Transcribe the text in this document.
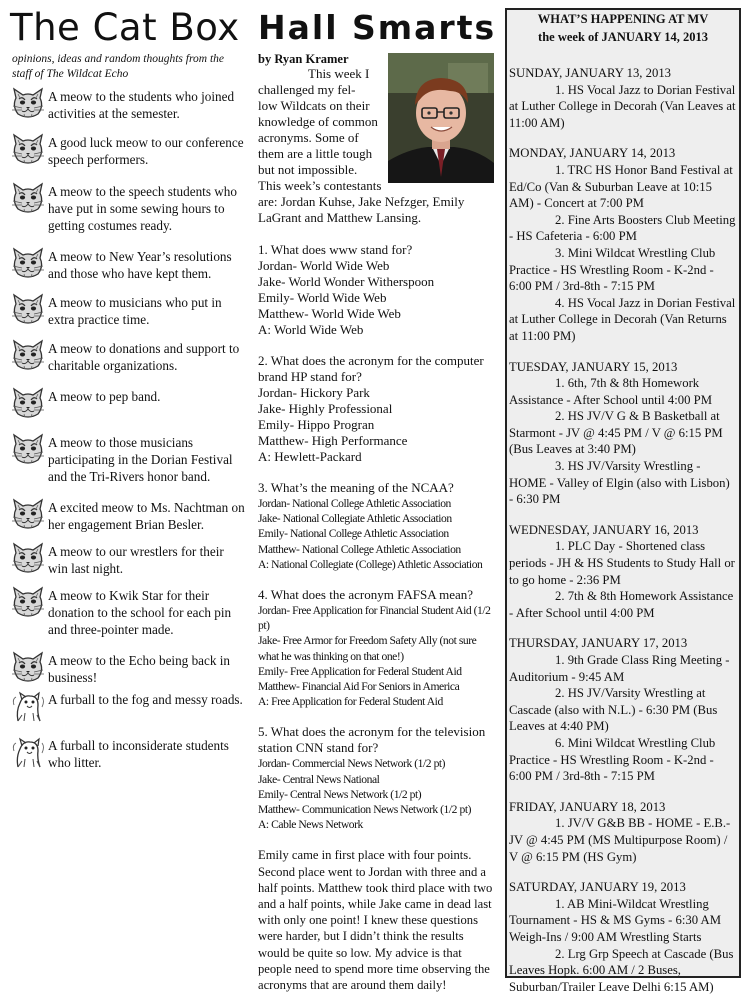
The Cat Box
opinions, ideas and random thoughts from the staff of The Wildcat Echo
A meow to the students who joined activities at the semester.
A good luck meow to our conference speech performers.
A meow to the speech students who have put in some sewing hours to getting costumes ready.
A meow to New Year’s resolutions and those who have kept them.
A meow to musicians who put in extra practice time.
A meow to donations and support to charitable organizations.
A meow to pep band.
A meow to those musicians participating in the Dorian Festival and the Tri-Rivers honor band.
A excited meow to Ms. Nachtman on her engagement Brian Besler.
A meow to our wrestlers for their win last night.
A meow to Kwik Star for their donation to the school for each pin and three-pointer made.
A meow to the Echo being back in business!
A furball to the fog and messy roads.
A furball to inconsiderate students who litter.
Hall Smarts
by Ryan Kramer
This week I
challenged my fel-
low Wildcats on their
knowledge of common
acronyms. Some of
them are a little tough
but not impossible.
This week’s contestants
are: Jordan Kuhse, Jake Nefzger, Emily LaGrant and Matthew Lansing.
1. What does www stand for?
Jordan- World Wide Web
Jake- World Wonder Witherspoon
Emily- World Wide Web
Matthew- World Wide Web
A: World Wide Web
2. What does the acronym for the computer brand HP stand for?
Jordan- Hickory Park
Jake- Highly Professional
Emily- Hippo Progran
Matthew- High Performance
A: Hewlett-Packard
3. What’s the meaning of the NCAA?
Jordan- National College Athletic Association
Jake- National Collegiate Athletic Association
Emily- National College Athletic Association
Matthew- National College Athletic Association
A: National Collegiate (College) Athletic Association
4. What does the acronym FAFSA mean?
Jordan- Free Application for Financial Student Aid (1/2 pt)
Jake- Free Armor for Freedom Safety Ally (not sure what he was thinking on that one!)
Emily- Free Application for Federal Student Aid
Matthew- Financial Aid For Seniors in America
A: Free Application for Federal Student Aid
5. What does the acronym for the television station CNN stand for?
Jordan- Commercial News Network (1/2 pt)
Jake- Central News National
Emily- Central News Network (1/2 pt)
Matthew- Communication News Network (1/2 pt)
A: Cable News Network
Emily came in first place with four points. Second place went to Jordan with three and a half points. Matthew took third place with two and a half points, while Jake came in dead last with only one point! I knew these questions were harder, but I didn’t think the results would be quite so low. My advice is that people need to spend more time observing the acronyms that are around them daily!
WHAT’S HAPPENING AT MV
the week of JANUARY 14, 2013
SUNDAY, JANUARY 13, 2013
1. HS Vocal Jazz to Dorian Festival at Luther College in Decorah (Van Leaves at 11:00 AM)
MONDAY, JANUARY 14, 2013
1. TRC HS Honor Band Festival at Ed/Co (Van & Suburban Leave at 10:15 AM) - Concert at 7:00 PM
2. Fine Arts Boosters Club Meeting - HS Cafeteria - 6:00 PM
3. Mini Wildcat Wrestling Club Practice - HS Wrestling Room - K-2nd - 6:00 PM / 3rd-8th - 7:15 PM
4. HS Vocal Jazz in Dorian Festival at Luther College in Decorah (Van Returns at 11:00 PM)
TUESDAY, JANUARY 15, 2013
1. 6th, 7th & 8th Homework Assistance - After School until 4:00 PM
2. HS JV/V G & B Basketball at Starmont - JV @ 4:45 PM / V @ 6:15 PM (Bus Leaves at 3:40 PM)
3. HS JV/Varsity Wrestling - HOME - Valley of Elgin (also with Lisbon) - 6:30 PM
WEDNESDAY, JANUARY 16, 2013
1. PLC Day - Shortened class periods - JH & HS Students to Study Hall or to go home - 2:36 PM
2. 7th & 8th Homework Assistance - After School until 4:00 PM
THURSDAY, JANUARY 17, 2013
1. 9th Grade Class Ring Meeting - Auditorium - 9:45 AM
2. HS JV/Varsity Wrestling at Cascade (also with N.L.) - 6:30 PM (Bus Leaves at 4:40 PM)
6. Mini Wildcat Wrestling Club Practice - HS Wrestling Room - K-2nd - 6:00 PM / 3rd-8th - 7:15 PM
FRIDAY, JANUARY 18, 2013
1. JV/V G&B BB - HOME - E.B.- JV @ 4:45 PM (MS Multipurpose Room) / V @ 6:15 PM (HS Gym)
SATURDAY, JANUARY 19, 2013
1. AB Mini-Wildcat Wrestling Tournament - HS & MS Gyms - 6:30 AM Weigh-Ins / 9:00 AM Wrestling Starts
2. Lrg Grp Speech at Cascade (Bus Leaves Hopk. 6:00 AM / 2 Buses, Suburban/Trailer Leave Delhi 6:15 AM)
